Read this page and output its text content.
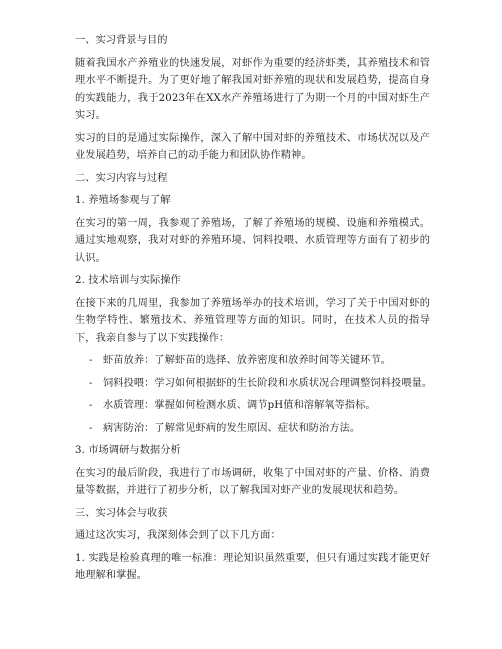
一、实习背景与目的

随着我国水产养殖业的快速发展，对虾作为重要的经济虾类，其养殖技术和管理水平不断提升。为了更好地了解我国对虾养殖的现状和发展趋势，提高自身的实践能力，我于2023年在XX水产养殖场进行了为期一个月的中国对虾生产实习。

实习的目的是通过实际操作，深入了解中国对虾的养殖技术、市场状况以及产业发展趋势，培养自己的动手能力和团队协作精神。

二、实习内容与过程

1. 养殖场参观与了解

在实习的第一周，我参观了养殖场，了解了养殖场的规模、设施和养殖模式。通过实地观察，我对对虾的养殖环境、饲料投喂、水质管理等方面有了初步的认识。

2. 技术培训与实际操作

在接下来的几周里，我参加了养殖场举办的技术培训，学习了关于中国对虾的生物学特性、繁殖技术、养殖管理等方面的知识。同时，在技术人员的指导下，我亲自参与了以下实践操作：

- 虾苗放养：了解虾苗的选择、放养密度和放养时间等关键环节。
- 饲料投喂：学习如何根据虾的生长阶段和水质状况合理调整饲料投喂量。
- 水质管理：掌握如何检测水质、调节pH值和溶解氧等指标。
- 病害防治：了解常见虾病的发生原因、症状和防治方法。

3. 市场调研与数据分析

在实习的最后阶段，我进行了市场调研，收集了中国对虾的产量、价格、消费量等数据，并进行了初步分析，以了解我国对虾产业的发展现状和趋势。

三、实习体会与收获

通过这次实习，我深刻体会到了以下几方面：

1. 实践是检验真理的唯一标准：理论知识虽然重要，但只有通过实践才能更好地理解和掌握。
